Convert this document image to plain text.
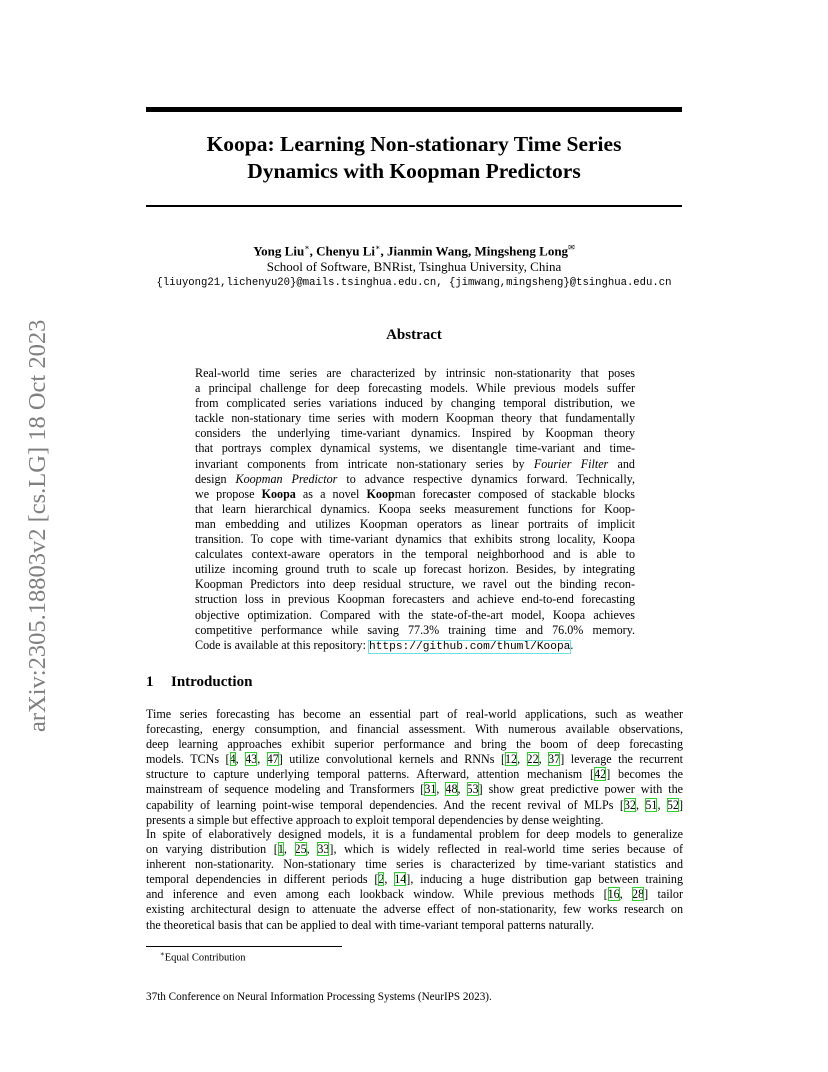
arXiv:2305.18803v2 [cs.LG] 18 Oct 2023
Koopa: Learning Non-stationary Time Series
Dynamics with Koopman Predictors
Yong Liu∗, Chenyu Li∗, Jianmin Wang, Mingsheng Long✉
School of Software, BNRist, Tsinghua University, China
{liuyong21,lichenyu20}@mails.tsinghua.edu.cn, {jimwang,mingsheng}@tsinghua.edu.cn
Abstract
Real-world time series are characterized by intrinsic non-stationarity that poses
a principal challenge for deep forecasting models. While previous models suffer
from complicated series variations induced by changing temporal distribution, we
tackle non-stationary time series with modern Koopman theory that fundamentally
considers the underlying time-variant dynamics. Inspired by Koopman theory
that portrays complex dynamical systems, we disentangle time-variant and time-
invariant components from intricate non-stationary series by Fourier Filter and
design Koopman Predictor to advance respective dynamics forward. Technically,
we propose Koopa as a novel Koopman forecaster composed of stackable blocks
that learn hierarchical dynamics. Koopa seeks measurement functions for Koop-
man embedding and utilizes Koopman operators as linear portraits of implicit
transition. To cope with time-variant dynamics that exhibits strong locality, Koopa
calculates context-aware operators in the temporal neighborhood and is able to
utilize incoming ground truth to scale up forecast horizon. Besides, by integrating
Koopman Predictors into deep residual structure, we ravel out the binding recon-
struction loss in previous Koopman forecasters and achieve end-to-end forecasting
objective optimization. Compared with the state-of-the-art model, Koopa achieves
competitive performance while saving 77.3% training time and 76.0% memory.
Code is available at this repository: https://github.com/thuml/Koopa.
1 Introduction
Time series forecasting has become an essential part of real-world applications, such as weather
forecasting, energy consumption, and financial assessment. With numerous available observations,
deep learning approaches exhibit superior performance and bring the boom of deep forecasting
models. TCNs [4, 43, 47] utilize convolutional kernels and RNNs [12, 22, 37] leverage the recurrent
structure to capture underlying temporal patterns. Afterward, attention mechanism [42] becomes the
mainstream of sequence modeling and Transformers [31, 48, 53] show great predictive power with the
capability of learning point-wise temporal dependencies. And the recent revival of MLPs [32, 51, 52]
presents a simple but effective approach to exploit temporal dependencies by dense weighting.
In spite of elaboratively designed models, it is a fundamental problem for deep models to generalize
on varying distribution [1, 25, 33], which is widely reflected in real-world time series because of
inherent non-stationarity. Non-stationary time series is characterized by time-variant statistics and
temporal dependencies in different periods [2, 14], inducing a huge distribution gap between training
and inference and even among each lookback window. While previous methods [16, 28] tailor
existing architectural design to attenuate the adverse effect of non-stationarity, few works research on
the theoretical basis that can be applied to deal with time-variant temporal patterns naturally.
∗Equal Contribution
37th Conference on Neural Information Processing Systems (NeurIPS 2023).
